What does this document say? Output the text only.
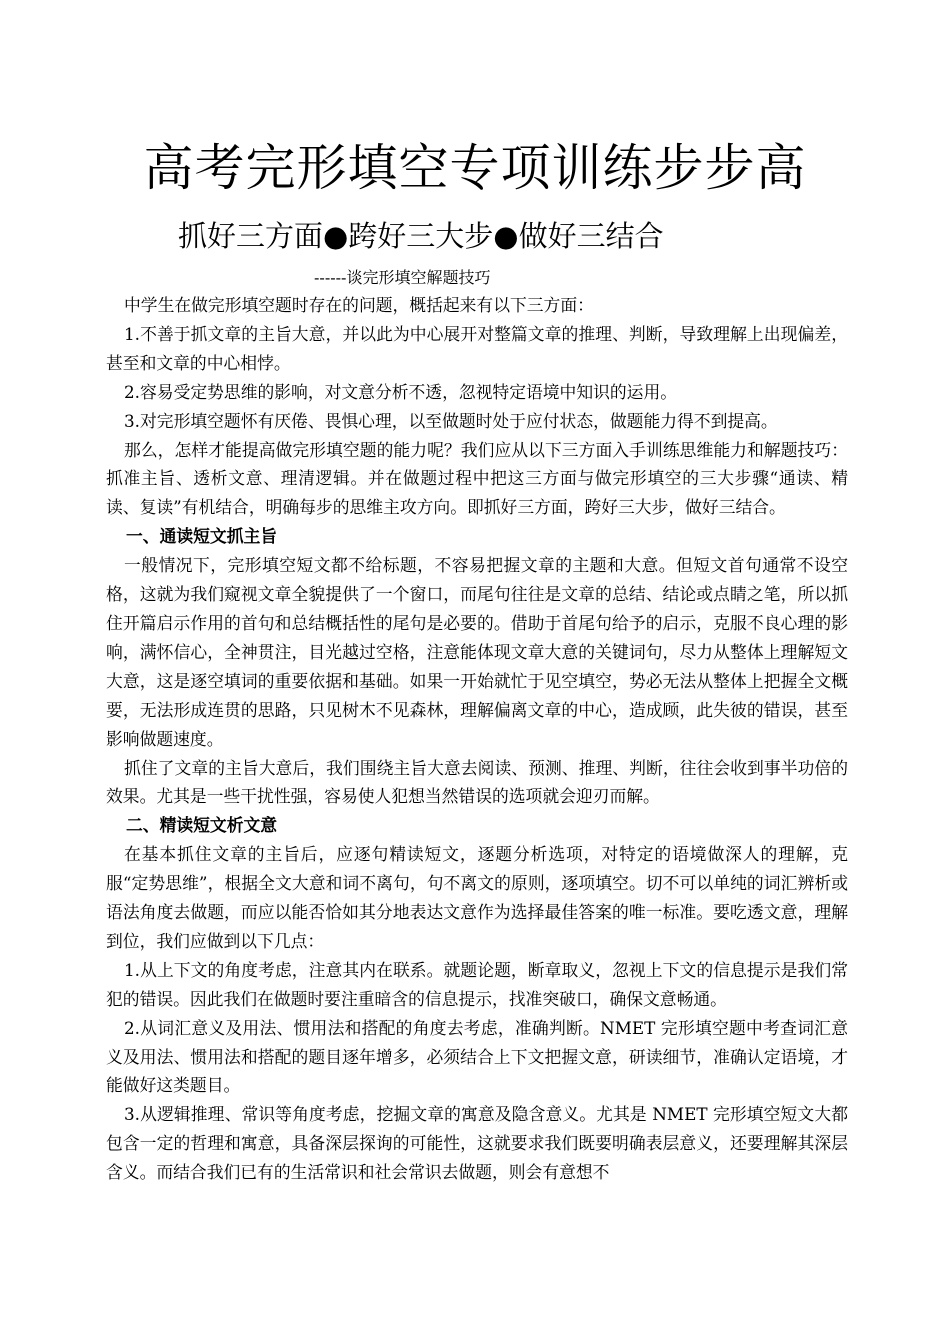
高考完形填空专项训练步步高
抓好三方面●跨好三大步●做好三结合
------谈完形填空解题技巧

中学生在做完形填空题时存在的问题，概括起来有以下三方面：

1.不善于抓文章的主旨大意，并以此为中心展开对整篇文章的推理、判断，导致理解上出现偏差，甚至和文章的中心相悖。

2.容易受定势思维的影响，对文意分析不透，忽视特定语境中知识的运用。

3.对完形填空题怀有厌倦、畏惧心理，以至做题时处于应付状态，做题能力得不到提高。

那么，怎样才能提高做完形填空题的能力呢？我们应从以下三方面入手训练思维能力和解题技巧：抓准主旨、透析文意、理清逻辑。并在做题过程中把这三方面与做完形填空的三大步骤“通读、精读、复读”有机结合，明确每步的思维主攻方向。即抓好三方面，跨好三大步，做好三结合。

一、通读短文抓主旨

一般情况下，完形填空短文都不给标题，不容易把握文章的主题和大意。但短文首句通常不设空格，这就为我们窥视文章全貌提供了一个窗口，而尾句往往是文章的总结、结论或点睛之笔，所以抓住开篇启示作用的首句和总结概括性的尾句是必要的。借助于首尾句给予的启示，克服不良心理的影响，满怀信心，全神贯注，目光越过空格，注意能体现文章大意的关键词句，尽力从整体上理解短文大意，这是逐空填词的重要依据和基础。如果一开始就忙于见空填空，势必无法从整体上把握全文概要，无法形成连贯的思路，只见树木不见森林，理解偏离文章的中心，造成顾，此失彼的错误，甚至影响做题速度。

抓住了文章的主旨大意后，我们围绕主旨大意去阅读、预测、推理、判断，往往会收到事半功倍的效果。尤其是一些干扰性强，容易使人犯想当然错误的选项就会迎刃而解。

二、精读短文析文意

在基本抓住文章的主旨后，应逐句精读短文，逐题分析选项，对特定的语境做深人的理解，克服“定势思维”，根据全文大意和词不离句，句不离文的原则，逐项填空。切不可以单纯的词汇辨析或语法角度去做题，而应以能否恰如其分地表达文意作为选择最佳答案的唯一标准。要吃透文意，理解到位，我们应做到以下几点：

1.从上下文的角度考虑，注意其内在联系。就题论题，断章取义，忽视上下文的信息提示是我们常犯的错误。因此我们在做题时要注重暗含的信息提示，找准突破口，确保文意畅通。

2.从词汇意义及用法、惯用法和搭配的角度去考虑，准确判断。NMET 完形填空题中考查词汇意义及用法、惯用法和搭配的题目逐年增多，必须结合上下文把握文意，研读细节，准确认定语境，才能做好这类题目。

3.从逻辑推理、常识等角度考虑，挖掘文章的寓意及隐含意义。尤其是 NMET 完形填空短文大都包含一定的哲理和寓意，具备深层探询的可能性，这就要求我们既要明确表层意义，还要理解其深层含义。而结合我们已有的生活常识和社会常识去做题，则会有意想不
